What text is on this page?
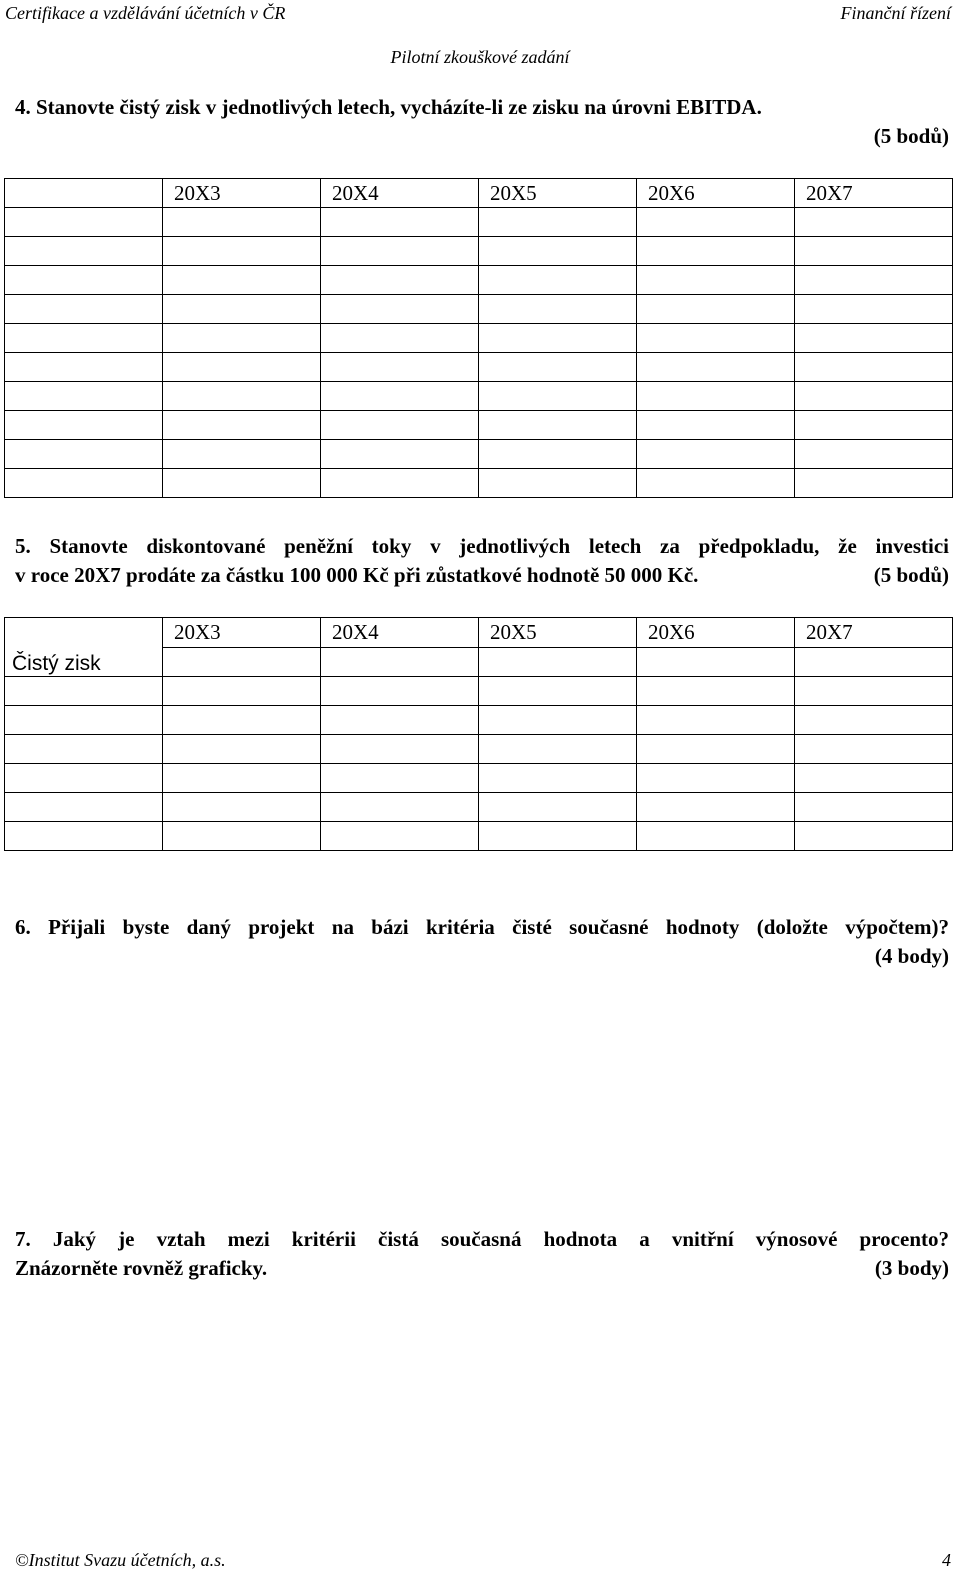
Certifikace a vzdělávání účetních v ČR	Finanční řízení
Pilotní zkouškové zadání
4. Stanovte čistý zisk v jednotlivých letech, vycházíte-li ze zisku na úrovni EBITDA.
(5 bodů)

	20X3	20X4	20X5	20X6	20X7

5. Stanovte diskontované peněžní toky v jednotlivých letech za předpokladu, že investici
v roce 20X7 prodáte za částku 100 000 Kč při zůstatkové hodnotě 50 000 Kč.	(5 bodů)

	20X3	20X4	20X5	20X6	20X7

Čistý zisk
6. Přijali byste daný projekt na bázi kritéria čisté současné hodnoty (doložte výpočtem)?
(4 body)
7. Jaký je vztah mezi kritérii čistá současná hodnota a vnitřní výnosové procento?
Znázorněte rovněž graficky.	(3 body)
©Institut Svazu účetních, a.s.	4
